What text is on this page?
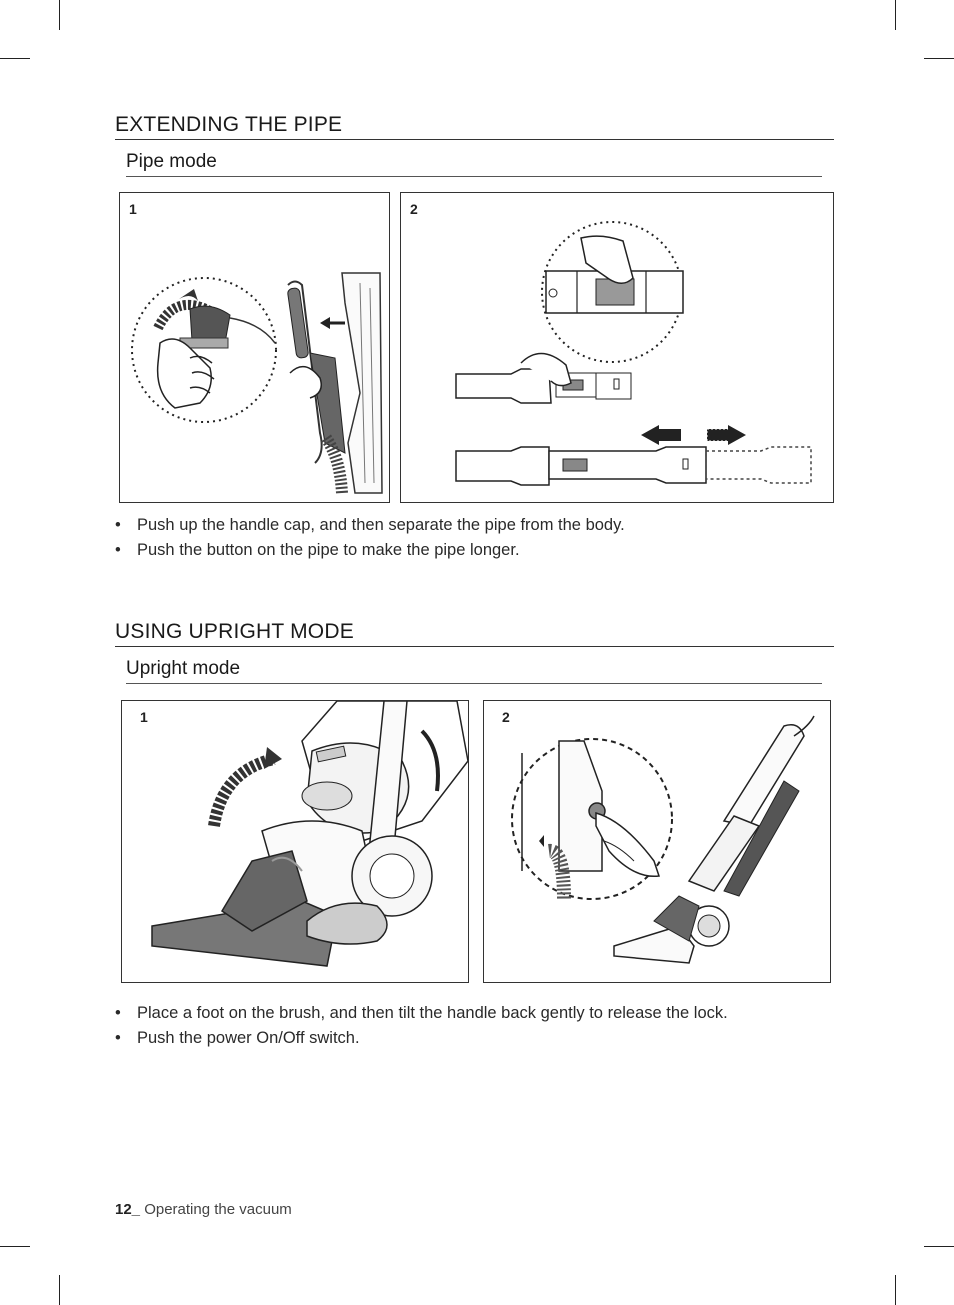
EXTENDING THE PIPE
Pipe mode
1	2
• Push up the handle cap, and then separate the pipe from the body.
• Push the button on the pipe to make the pipe longer.
USING UPRIGHT MODE
Upright mode
1	2
• Place a foot on the brush, and then tilt the handle back gently to release the lock.
• Push the power On/Off switch.
12_ Operating the vacuum
